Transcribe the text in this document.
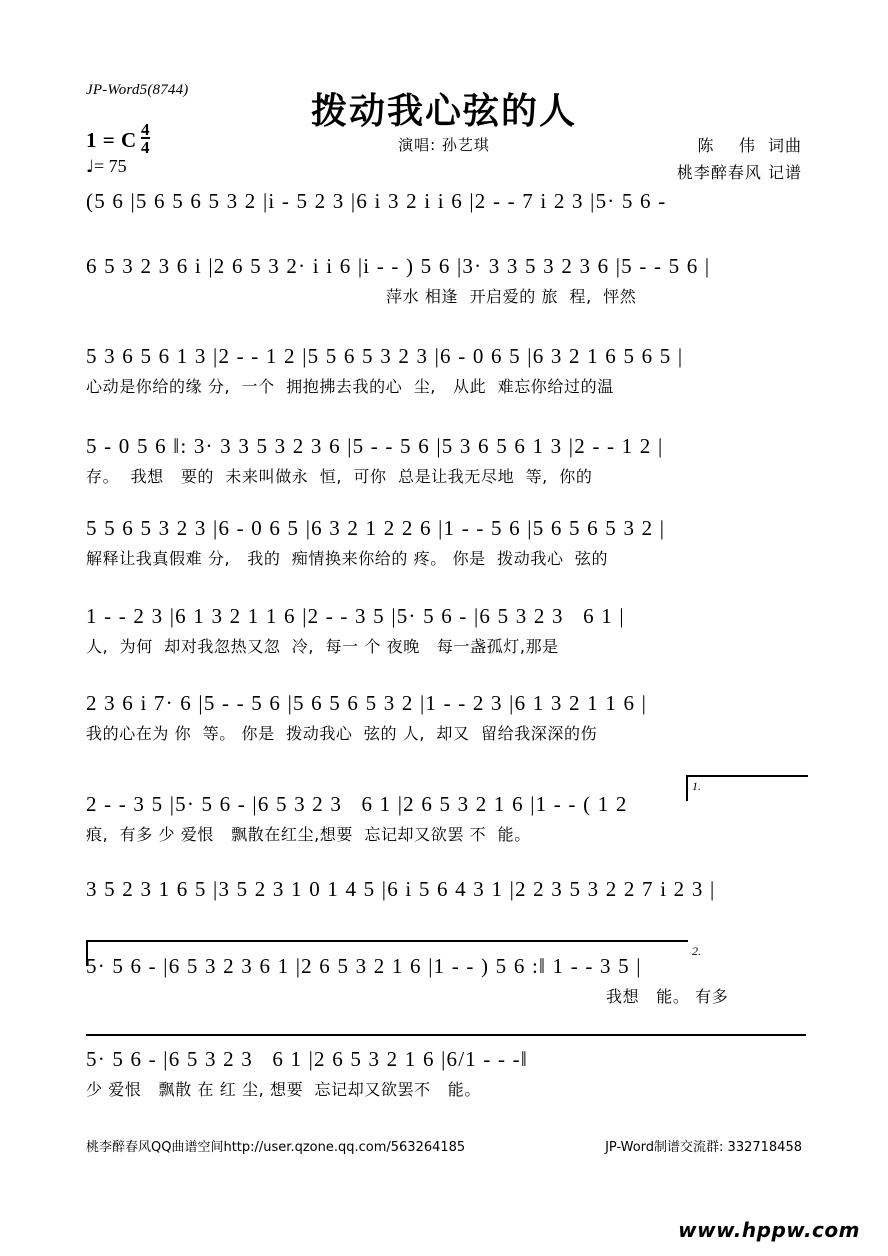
JP-Word5(8744)
拨动我心弦的人
演唱: 孙艺琪	陈    伟  词曲
桃李醉春风 记谱
1 = C $\frac{4}{4}$
♩= 75
(5 6 |5 6 5 6 5 3 2 |i - 5 2 3 |6 i 3 2 i i 6 |2 - - 7 i 2 3 |5· 5 6 -
6 5 3 2 3 6 i |2 6 5 3 2· i i 6 |i - - ) 5 6 |3· 3 3 5 3 2 3 6 |5 - - 5 6 |
萍水 相逢  开启爱的 旅  程,  怦然
5 3 6 5 6 1 3 |2 - - 1 2 |5 5 6 5 3 2 3 |6 - 0 6 5 |6 3 2 1 6 5 6 5 |
心动是你给的缘 分,  一个  拥抱拂去我的心  尘,   从此  难忘你给过的温
5 - 0 5 6 ‖: 3· 3 3 5 3 2 3 6 |5 - - 5 6 |5 3 6 5 6 1 3 |2 - - 1 2 |
存。  我想   要的  未来叫做永  恒,  可你  总是让我无尽地  等,  你的
5 5 6 5 3 2 3 |6 - 0 6 5 |6 3 2 1 2 2 6 |1 - - 5 6 |5 6 5 6 5 3 2 |
解释让我真假难 分,   我的  痴情换来你给的 疼。 你是  拨动我心  弦的
1 - - 2 3 |6 1 3 2 1 1 6 |2 - - 3 5 |5· 5 6 - |6 5 3 2 3   6 1 |
人,  为何  却对我忽热又忽  冷,  每一 个 夜晚   每一盏孤灯,那是
2 3 6 i 7· 6 |5 - - 5 6 |5 6 5 6 5 3 2 |1 - - 2 3 |6 1 3 2 1 1 6 |
我的心在为 你  等。 你是  拨动我心  弦的 人,  却又  留给我深深的伤
1.
2 - - 3 5 |5· 5 6 - |6 5 3 2 3   6 1 |2 6 5 3 2 1 6 |1 - - ( 1 2
痕,  有多 少 爱恨   飘散在红尘,想要  忘记却又欲罢 不  能。
3 5 2 3 1 6 5 |3 5 2 3 1 0 1 4 5 |6 i 5 6 4 3 1 |2 2 3 5 3 2 2 7 i 2 3 |
2.
5· 5 6 - |6 5 3 2 3 6 1 |2 6 5 3 2 1 6 |1 - - ) 5 6 :‖ 1 - - 3 5 |
我想   能。 有多
5· 5 6 - |6 5 3 2 3   6 1 |2 6 5 3 2 1 6 |6/1 - - -‖
少 爱恨   飘散 在 红 尘, 想要  忘记却又欲罢不   能。
桃李醉春风QQ曲谱空间http://user.qzone.qq.com/563264185	JP-Word制谱交流群: 332718458
www.hppw.com
